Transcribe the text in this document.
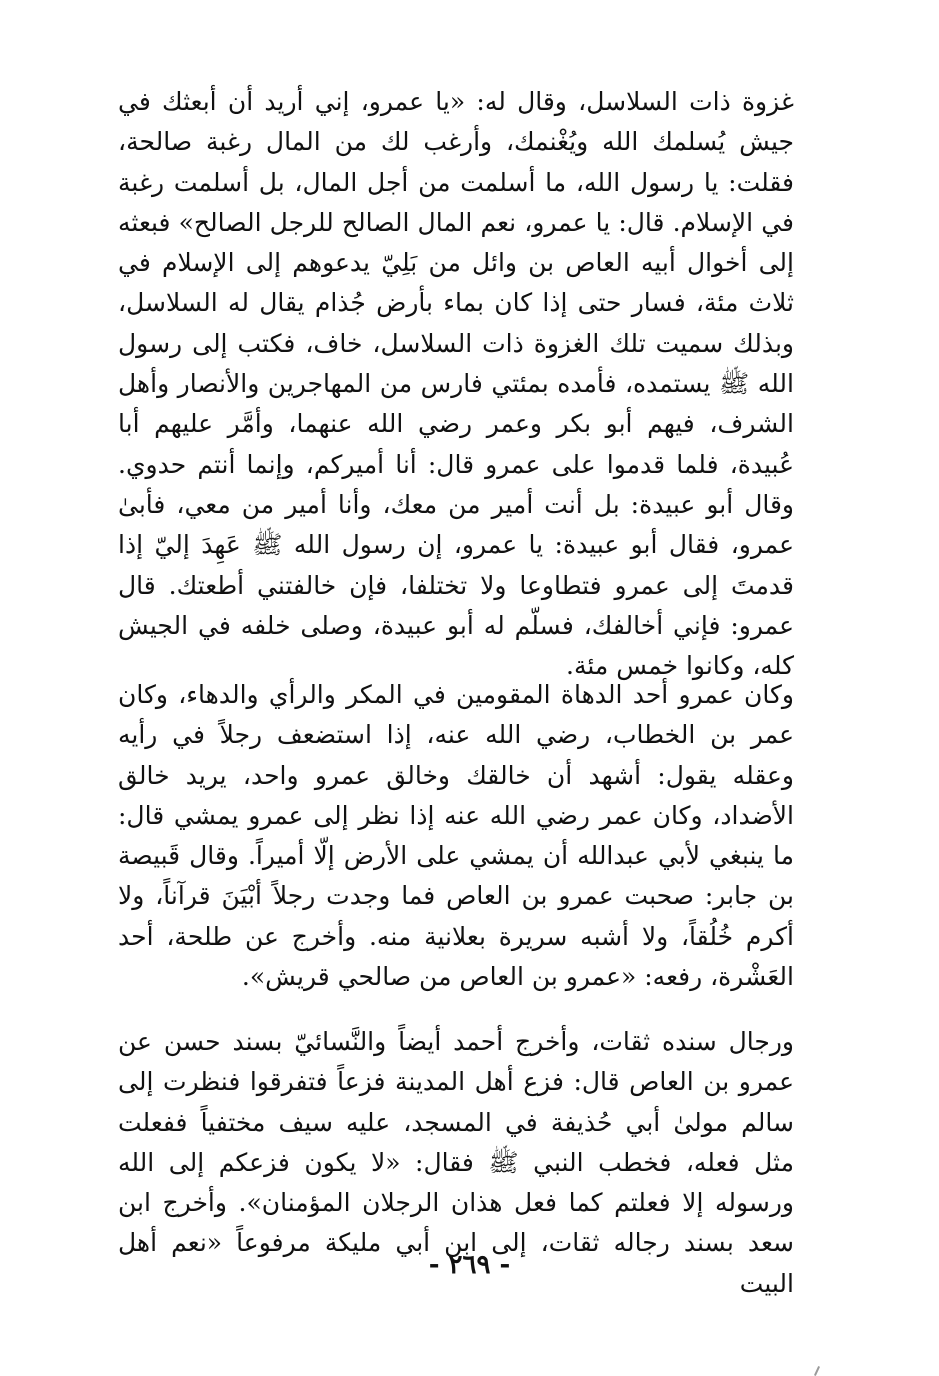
غزوة ذات السلاسل، وقال له: «يا عمرو، إني أريد أن أبعثك في جيش يُسلمك الله ويُغْنمك، وأرغب لك من المال رغبة صالحة، فقلت: يا رسول الله، ما أسلمت من أجل المال، بل أسلمت رغبة في الإسلام. قال: يا عمرو، نعم المال الصالح للرجل الصالح» فبعثه إلى أخوال أبيه العاص بن وائل من بَلِيّ يدعوهم إلى الإسلام في ثلاث مئة، فسار حتى إذا كان بماء بأرض جُذام يقال له السلاسل، وبذلك سميت تلك الغزوة ذات السلاسل، خاف، فكتب إلى رسول الله ﷺ يستمده، فأمده بمئتي فارس من المهاجرين والأنصار وأهل الشرف، فيهم أبو بكر وعمر رضي الله عنهما، وأمَّر عليهم أبا عُبيدة، فلما قدموا على عمرو قال: أنا أميركم، وإنما أنتم حدوي. وقال أبو عبيدة: بل أنت أمير من معك، وأنا أمير من معي، فأبىٰ عمرو، فقال أبو عبيدة: يا عمرو، إن رسول الله ﷺ عَهِدَ إليّ إذا قدمتَ إلى عمرو فتطاوعا ولا تختلفا، فإن خالفتني أطعتك. قال عمرو: فإني أخالفك، فسلّم له أبو عبيدة، وصلى خلفه في الجيش كله، وكانوا خمس مئة.

وكان عمرو أحد الدهاة المقومين في المكر والرأي والدهاء، وكان عمر بن الخطاب، رضي الله عنه، إذا استضعف رجلاً في رأيه وعقله يقول: أشهد أن خالقك وخالق عمرو واحد، يريد خالق الأضداد، وكان عمر رضي الله عنه إذا نظر إلى عمرو يمشي قال: ما ينبغي لأبي عبدالله أن يمشي على الأرض إلّا أميراً. وقال قَبيصة بن جابر: صحبت عمرو بن العاص فما وجدت رجلاً أبْيَنَ قرآناً، ولا أكرم خُلُقاً، ولا أشبه سريرة بعلانية منه. وأخرج عن طلحة، أحد العَشْرة، رفعه: «عمرو بن العاص من صالحي قريش».

ورجال سنده ثقات، وأخرج أحمد أيضاً والنَّسائيّ بسند حسن عن عمرو بن العاص قال: فزع أهل المدينة فزعاً فتفرقوا فنظرت إلى سالم مولىٰ أبي حُذيفة في المسجد، عليه سيف مختفياً ففعلت مثل فعله، فخطب النبي ﷺ فقال: «لا يكون فزعكم إلى الله ورسوله إلا فعلتم كما فعل هذان الرجلان المؤمنان». وأخرج ابن سعد بسند رجاله ثقات، إلى ابن أبي مليكة مرفوعاً «نعم أهل البيت

- ٢٦٩ -
